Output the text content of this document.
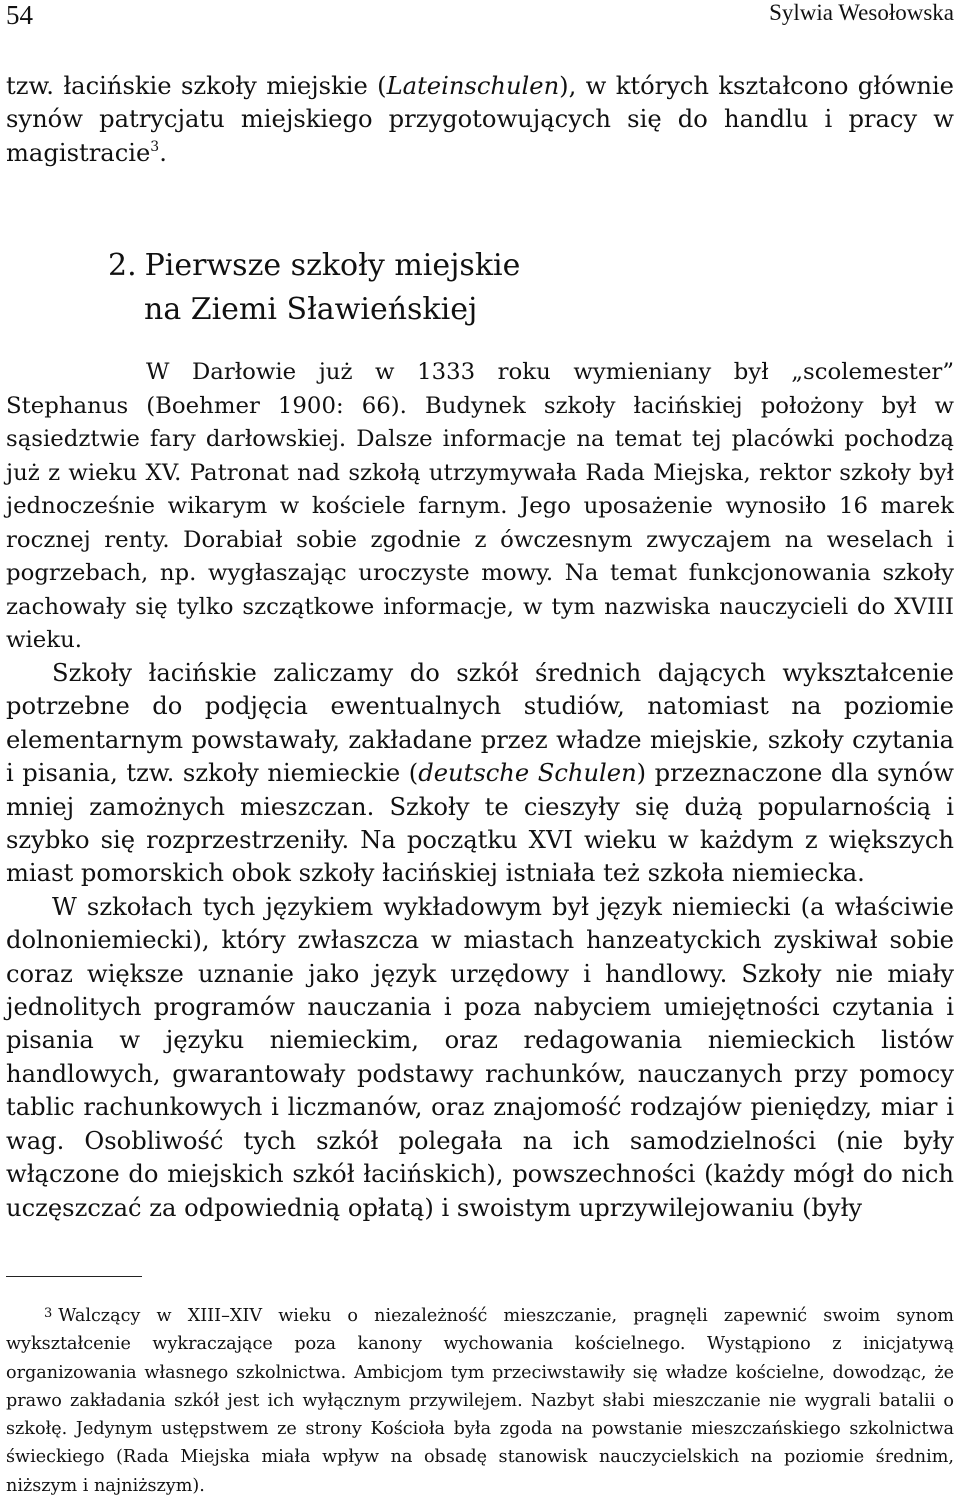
54	Sylwia Wesołowska

tzw. łacińskie szkoły miejskie (Lateinschulen), w których kształcono głównie synów patrycjatu miejskiego przygotowujących się do handlu i pracy w magistracie$^3$.

2. Pierwsze szkoły miejskie
na Ziemi Sławieńskiej

W Darłowie już w 1333 roku wymieniany był „scolemester” Stephanus (Boehmer 1900: 66). Budynek szkoły łacińskiej położony był w sąsiedztwie fary darłowskiej. Dalsze informacje na temat tej placówki pochodzą już z wieku XV. Patronat nad szkołą utrzymywała Rada Miejska, rektor szkoły był jednocześnie wikarym w kościele farnym. Jego uposażenie wynosiło 16 marek rocznej renty. Dorabiał sobie zgodnie z ówczesnym zwyczajem na weselach i pogrzebach, np. wygłaszając uroczyste mowy. Na temat funkcjonowania szkoły zachowały się tylko szczątkowe informacje, w tym nazwiska nauczycieli do XVIII wieku.

Szkoły łacińskie zaliczamy do szkół średnich dających wykształcenie potrzebne do podjęcia ewentualnych studiów, natomiast na poziomie elementarnym powstawały, zakładane przez władze miejskie, szkoły czytania i pisania, tzw. szkoły niemieckie (deutsche Schulen) przeznaczone dla synów mniej zamożnych mieszczan. Szkoły te cieszyły się dużą popularnością i szybko się rozprzestrzeniły. Na początku XVI wieku w każdym z większych miast pomorskich obok szkoły łacińskiej istniała też szkoła niemiecka.

W szkołach tych językiem wykładowym był język niemiecki (a właściwie dolnoniemiecki), który zwłaszcza w miastach hanzeatyckich zyskiwał sobie coraz większe uznanie jako język urzędowy i handlowy. Szkoły nie miały jednolitych programów nauczania i poza nabyciem umiejętności czytania i pisania w języku niemieckim, oraz redagowania niemieckich listów handlowych, gwarantowały podstawy rachunków, nauczanych przy pomocy tablic rachunkowych i liczmanów, oraz znajomość rodzajów pieniędzy, miar i wag. Osobliwość tych szkół polegała na ich samodzielności (nie były włączone do miejskich szkół łacińskich), powszechności (każdy mógł do nich uczęszczać za odpowiednią opłatą) i swoistym uprzywilejowaniu (były

$^3$ Walczący w XIII–XIV wieku o niezależność mieszczanie, pragnęli zapewnić swoim synom wykształcenie wykraczające poza kanony wychowania kościelnego. Wystąpiono z inicjatywą organizowania własnego szkolnictwa. Ambicjom tym przeciwstawiły się władze kościelne, dowodząc, że prawo zakładania szkół jest ich wyłącznym przywilejem. Nazbyt słabi mieszczanie nie wygrali batalii o szkołę. Jedynym ustępstwem ze strony Kościoła była zgoda na powstanie mieszczańskiego szkolnictwa świeckiego (Rada Miejska miała wpływ na obsadę stanowisk nauczycielskich na poziomie średnim, niższym i najniższym).
